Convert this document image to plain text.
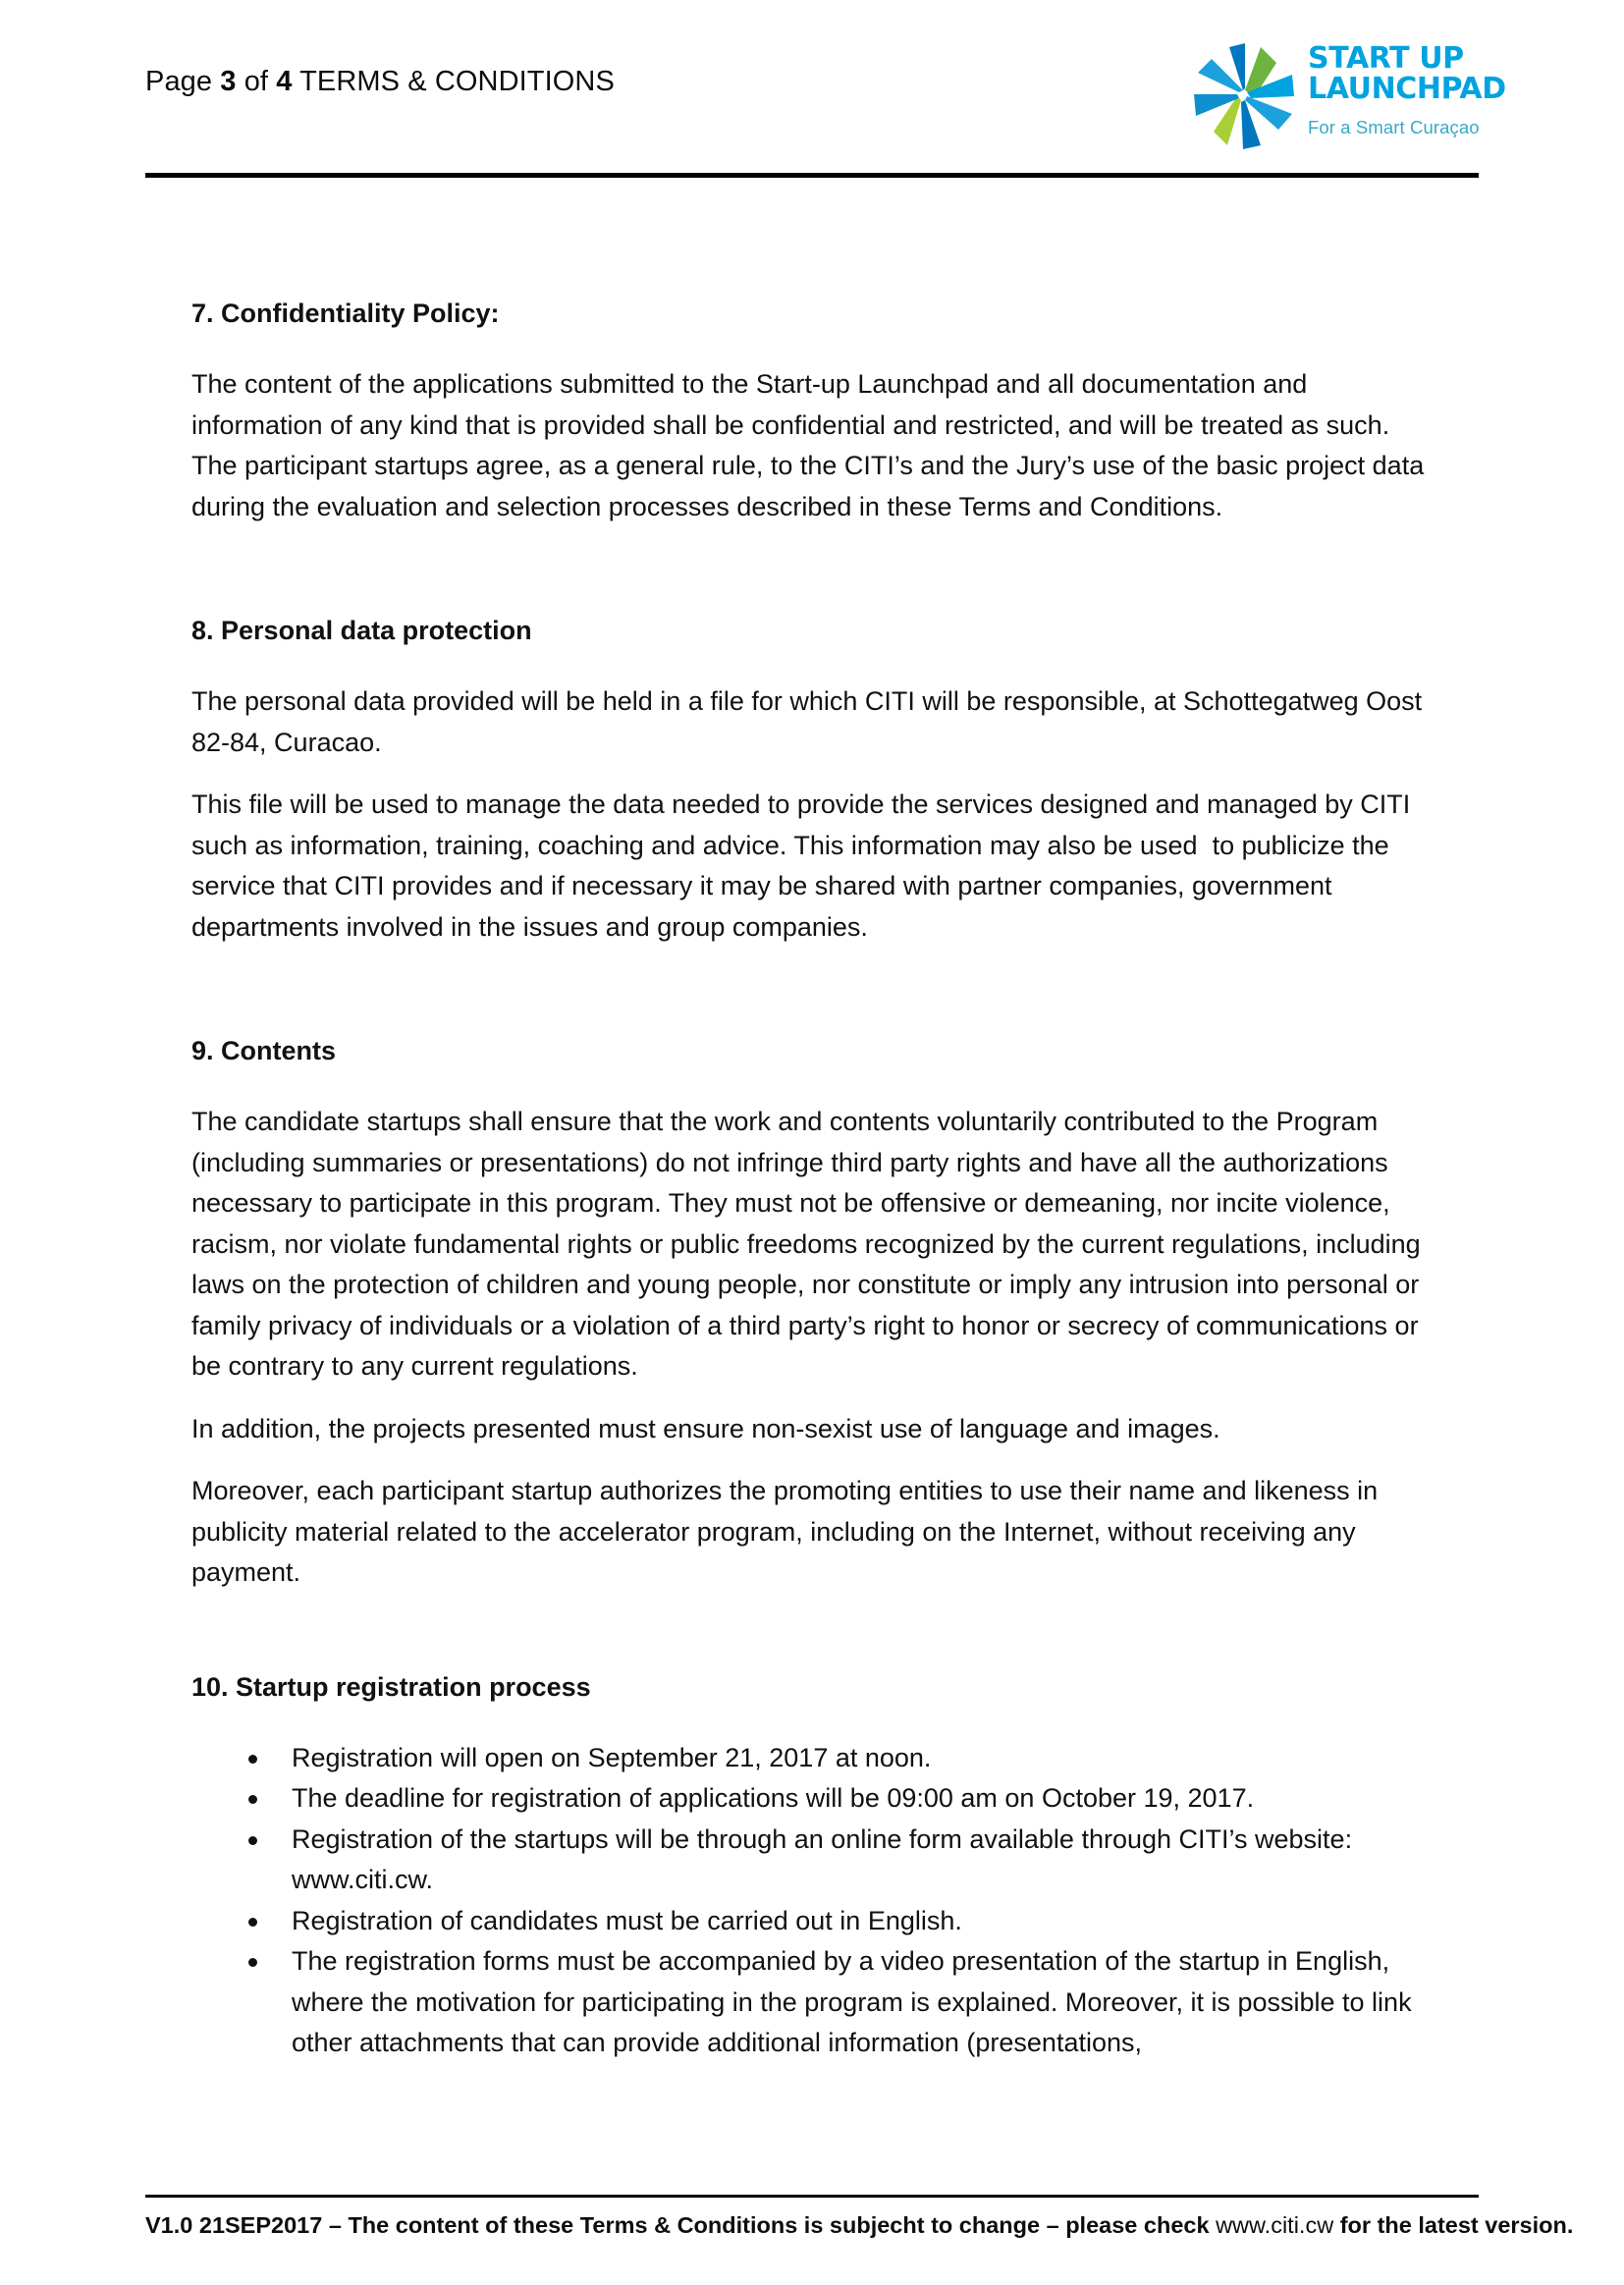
Page 3 of 4 TERMS & CONDITIONS
START UP
LAUNCHPAD
For a Smart Curaçao
7. Confidentiality Policy:

The content of the applications submitted to the Start-up Launchpad and all documentation and information of any kind that is provided shall be confidential and restricted, and will be treated as such. The participant startups agree, as a general rule, to the CITI’s and the Jury’s use of the basic project data during the evaluation and selection processes described in these Terms and Conditions.

8. Personal data protection

The personal data provided will be held in a file for which CITI will be responsible, at Schottegatweg Oost 82-84, Curacao.

This file will be used to manage the data needed to provide the services designed and managed by CITI such as information, training, coaching and advice. This information may also be used  to publicize the service that CITI provides and if necessary it may be shared with partner companies, government departments involved in the issues and group companies.

9. Contents

The candidate startups shall ensure that the work and contents voluntarily contributed to the Program (including summaries or presentations) do not infringe third party rights and have all the authorizations necessary to participate in this program. They must not be offensive or demeaning, nor incite violence, racism, nor violate fundamental rights or public freedoms recognized by the current regulations, including laws on the protection of children and young people, nor constitute or imply any intrusion into personal or family privacy of individuals or a violation of a third party’s right to honor or secrecy of communications or be contrary to any current regulations.

In addition, the projects presented must ensure non-sexist use of language and images.

Moreover, each participant startup authorizes the promoting entities to use their name and likeness in publicity material related to the accelerator program, including on the Internet, without receiving any payment.

10. Startup registration process
Registration will open on September 21, 2017 at noon.
The deadline for registration of applications will be 09:00 am on October 19, 2017.
Registration of the startups will be through an online form available through CITI’s website: www.citi.cw.
Registration of candidates must be carried out in English.
The registration forms must be accompanied by a video presentation of the startup in English, where the motivation for participating in the program is explained. Moreover, it is possible to link other attachments that can provide additional information (presentations,
V1.0 21SEP2017 – The content of these Terms & Conditions is subjecht to change – please check www.citi.cw for the latest version.
